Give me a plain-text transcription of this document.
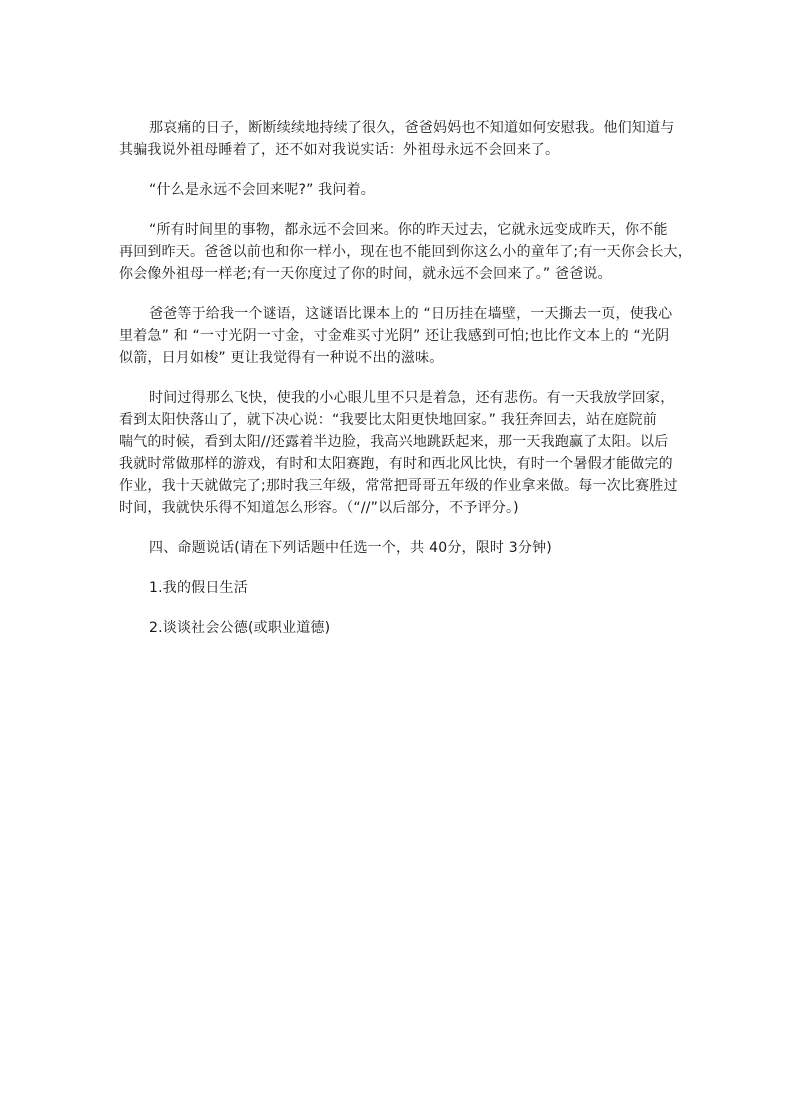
那哀痛的日子，断断续续地持续了很久，爸爸妈妈也不知道如何安慰我。他们知道与
其骗我说外祖母睡着了，还不如对我说实话：外祖母永远不会回来了。
“什么是永远不会回来呢?” 我问着。
“所有时间里的事物，都永远不会回来。你的昨天过去，它就永远变成昨天，你不能
再回到昨天。爸爸以前也和你一样小，现在也不能回到你这么小的童年了;有一天你会长大，
你会像外祖母一样老;有一天你度过了你的时间，就永远不会回来了。” 爸爸说。
爸爸等于给我一个谜语，这谜语比课本上的 “日历挂在墙壁，一天撕去一页，使我心
里着急” 和 “一寸光阴一寸金，寸金难买寸光阴” 还让我感到可怕;也比作文本上的 “光阴
似箭，日月如梭” 更让我觉得有一种说不出的滋味。
时间过得那么飞快，使我的小心眼儿里不只是着急，还有悲伤。有一天我放学回家，
看到太阳快落山了，就下决心说：“我要比太阳更快地回家。” 我狂奔回去，站在庭院前
喘气的时候，看到太阳//还露着半边脸，我高兴地跳跃起来，那一天我跑赢了太阳。以后
我就时常做那样的游戏，有时和太阳赛跑，有时和西北风比快，有时一个暑假才能做完的
作业，我十天就做完了;那时我三年级，常常把哥哥五年级的作业拿来做。每一次比赛胜过
时间，我就快乐得不知道怎么形容。（“//”以后部分，不予评分。)
四、命题说话(请在下列话题中任选一个，共 40分，限时 3分钟)
1.我的假日生活
2.谈谈社会公德(或职业道德)
